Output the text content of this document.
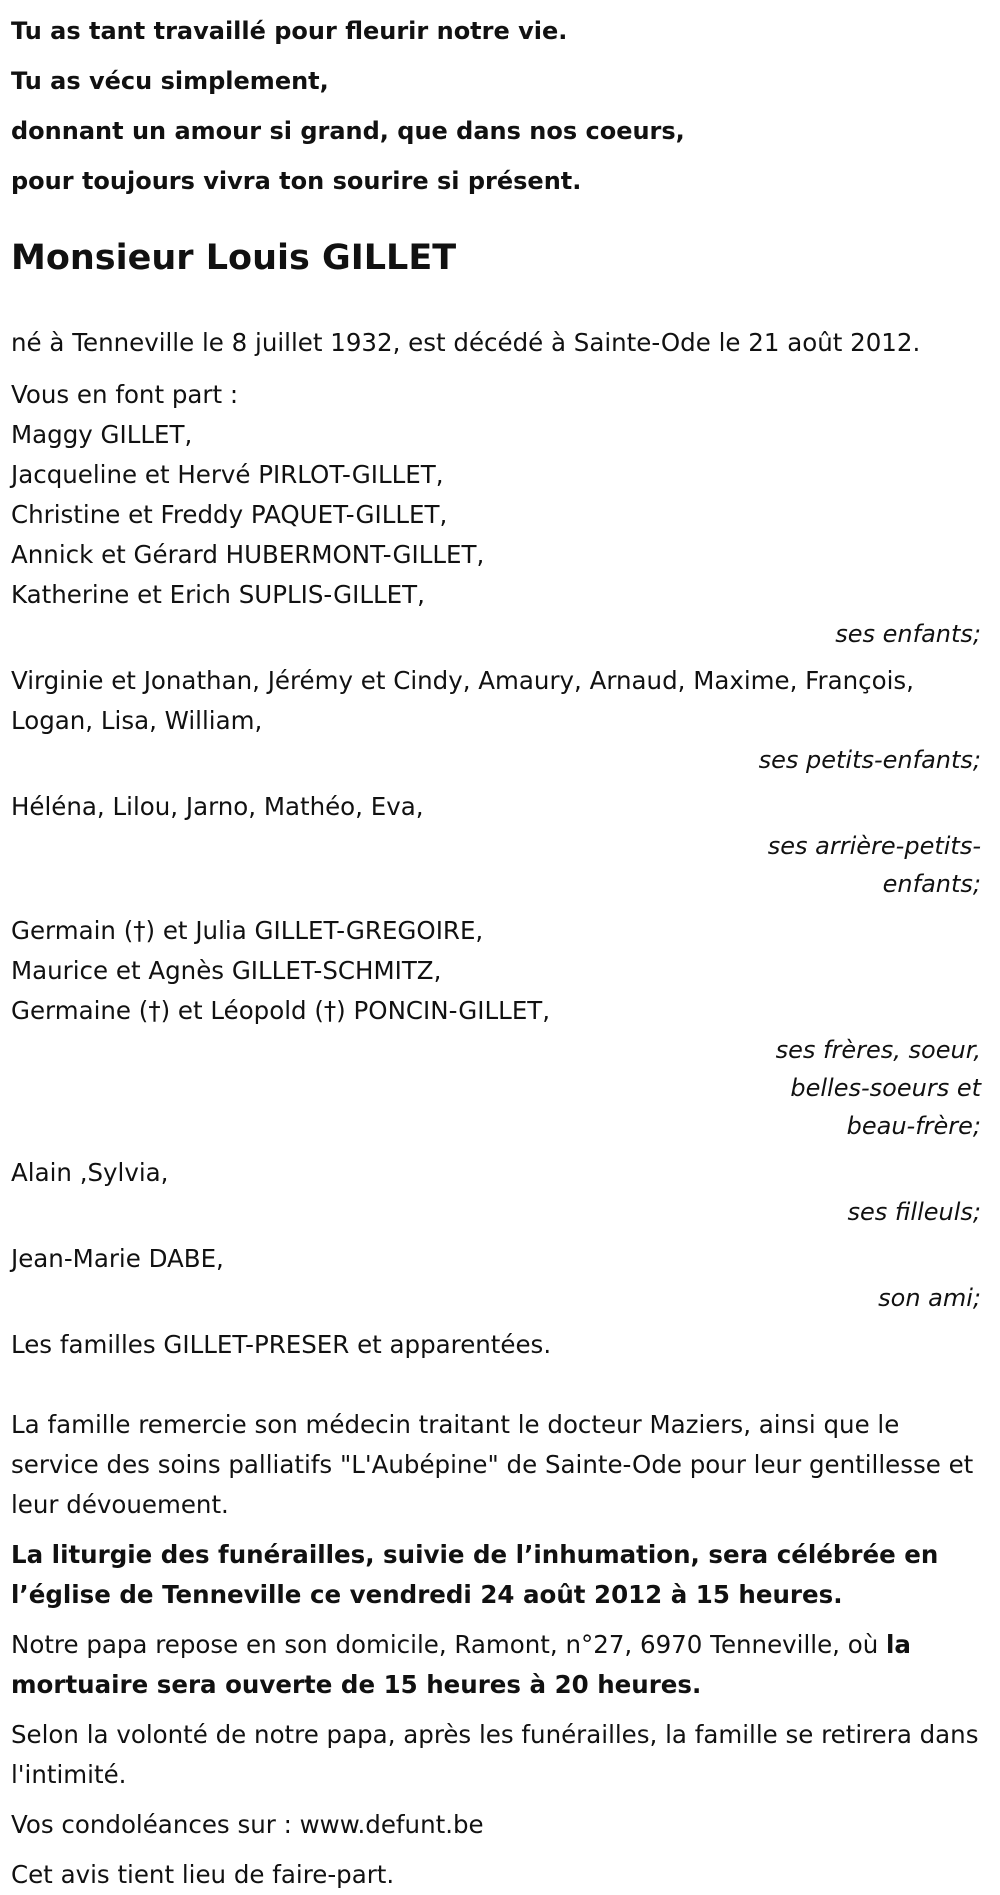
Tu as tant travaillé pour fleurir notre vie.
Tu as vécu simplement,
donnant un amour si grand, que dans nos coeurs,
pour toujours vivra ton sourire si présent.
Monsieur Louis GILLET
né à Tenneville le 8 juillet 1932, est décédé à Sainte-Ode le 21 août 2012.
Vous en font part :
Maggy GILLET,
Jacqueline et Hervé PIRLOT-GILLET,
Christine et Freddy PAQUET-GILLET,
Annick et Gérard HUBERMONT-GILLET,
Katherine et Erich SUPLIS-GILLET,
ses enfants;
Virginie et Jonathan, Jérémy et Cindy, Amaury, Arnaud, Maxime, François,
Logan, Lisa, William,
ses petits-enfants;
Héléna, Lilou, Jarno, Mathéo, Eva,
ses arrière-petits-enfants;
Germain (†) et Julia GILLET-GREGOIRE,
Maurice et Agnès GILLET-SCHMITZ,
Germaine (†) et Léopold (†) PONCIN-GILLET,
ses frères, soeur, belles-soeurs et beau-frère;
Alain ,Sylvia,
ses filleuls;
Jean-Marie DABE,
son ami;
Les familles GILLET-PRESER et apparentées.
La famille remercie son médecin traitant le docteur Maziers, ainsi que le service des soins palliatifs "L'Aubépine" de Sainte-Ode pour leur gentillesse et leur dévouement.
La liturgie des funérailles, suivie de l’inhumation, sera célébrée en l’église de Tenneville ce vendredi 24 août 2012 à 15 heures.
Notre papa repose en son domicile, Ramont, n°27, 6970 Tenneville, où la mortuaire sera ouverte de 15 heures à 20 heures.
Selon la volonté de notre papa, après les funérailles, la famille se retirera dans l'intimité.
Vos condoléances sur : www.defunt.be
Cet avis tient lieu de faire-part.
